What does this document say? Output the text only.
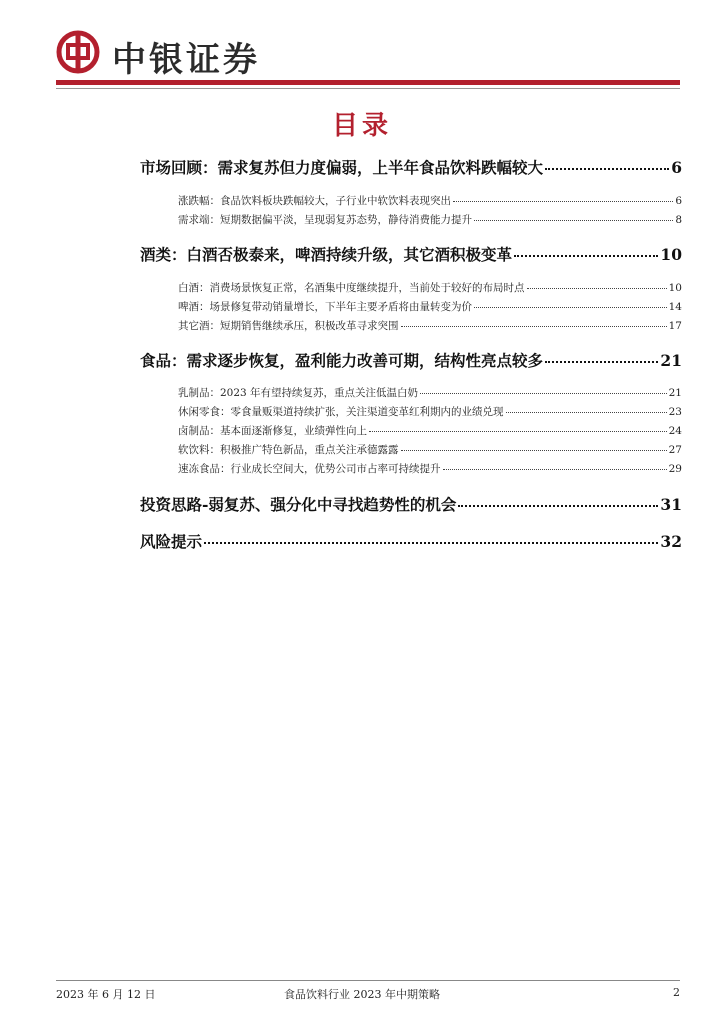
中银证券
目录
市场回顾：需求复苏但力度偏弱，上半年食品饮料跌幅较大	6
涨跌幅：食品饮料板块跌幅较大，子行业中软饮料表现突出	6
需求端：短期数据偏平淡，呈现弱复苏态势，静待消费能力提升	8
酒类：白酒否极泰来，啤酒持续升级，其它酒积极变革	10
白酒：消费场景恢复正常，名酒集中度继续提升，当前处于较好的布局时点	10
啤酒：场景修复带动销量增长，下半年主要矛盾将由量转变为价	14
其它酒：短期销售继续承压，积极改革寻求突围	17
食品：需求逐步恢复，盈利能力改善可期，结构性亮点较多	21
乳制品：2023 年有望持续复苏，重点关注低温白奶	21
休闲零食：零食量贩渠道持续扩张，关注渠道变革红利期内的业绩兑现	23
卤制品：基本面逐渐修复，业绩弹性向上	24
软饮料：积极推广特色新品，重点关注承德露露	27
速冻食品：行业成长空间大，优势公司市占率可持续提升	29
投资思路-弱复苏、强分化中寻找趋势性的机会	31
风险提示	32
2023 年 6 月 12 日	食品饮料行业 2023 年中期策略	2
